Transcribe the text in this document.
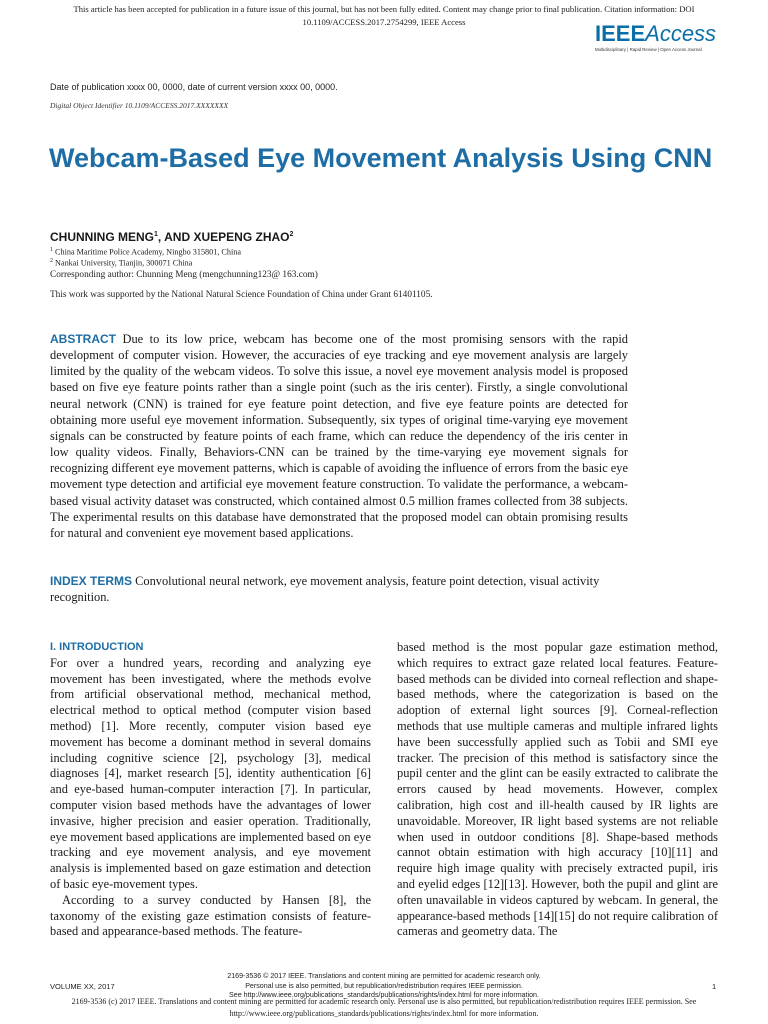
This article has been accepted for publication in a future issue of this journal, but has not been fully edited. Content may change prior to final publication. Citation information: DOI
10.1109/ACCESS.2017.2754299, IEEE Access	IEEEAccess
Multidisciplinary | Rapid Review | Open Access Journal
Date of publication xxxx 00, 0000, date of current version xxxx 00, 0000.
Digital Object Identifier 10.1109/ACCESS.2017.XXXXXXX
Webcam-Based Eye Movement Analysis Using CNN
CHUNNING MENG$^1$, AND XUEPENG ZHAO$^2$
$^1$ China Maritime Police Academy, Ningbo 315801, China
$^2$ Nankai University, Tianjin, 300071 China
Corresponding author: Chunning Meng (mengchunning123@ 163.com)
This work was supported by the National Natural Science Foundation of China under Grant 61401105.
ABSTRACT Due to its low price, webcam has become one of the most promising sensors with the rapid development of computer vision. However, the accuracies of eye tracking and eye movement analysis are largely limited by the quality of the webcam videos. To solve this issue, a novel eye movement analysis model is proposed based on five eye feature points rather than a single point (such as the iris center). Firstly, a single convolutional neural network (CNN) is trained for eye feature point detection, and five eye feature points are detected for obtaining more useful eye movement information. Subsequently, six types of original time-varying eye movement signals can be constructed by feature points of each frame, which can reduce the dependency of the iris center in low quality videos. Finally, Behaviors-CNN can be trained by the time-varying eye movement signals for recognizing different eye movement patterns, which is capable of avoiding the influence of errors from the basic eye movement type detection and artificial eye movement feature construction. To validate the performance, a webcam-based visual activity dataset was constructed, which contained almost 0.5 million frames collected from 38 subjects. The experimental results on this database have demonstrated that the proposed model can obtain promising results for natural and convenient eye movement based applications.
INDEX TERMS Convolutional neural network, eye movement analysis, feature point detection, visual activity recognition.
I. INTRODUCTION

For over a hundred years, recording and analyzing eye movement has been investigated, where the methods evolve from artificial observational method, mechanical method, electrical method to optical method (computer vision based method) [1]. More recently, computer vision based eye movement has become a dominant method in several domains including cognitive science [2], psychology [3], medical diagnoses [4], market research [5], identity authentication [6] and eye-based human-computer interaction [7]. In particular, computer vision based methods have the advantages of lower invasive, higher precision and easier operation. Traditionally, eye movement based applications are implemented based on eye tracking and eye movement analysis, and eye movement analysis is implemented based on gaze estimation and detection of basic eye-movement types.

According to a survey conducted by Hansen [8], the taxonomy of the existing gaze estimation consists of feature-based and appearance-based methods. The feature-

based method is the most popular gaze estimation method, which requires to extract gaze related local features. Feature-based methods can be divided into corneal reflection and shape-based methods, where the categorization is based on the adoption of external light sources [9]. Corneal-reflection methods that use multiple cameras and multiple infrared lights have been successfully applied such as Tobii and SMI eye tracker. The precision of this method is satisfactory since the pupil center and the glint can be easily extracted to calibrate the errors caused by head movements. However, complex calibration, high cost and ill-health caused by IR lights are unavoidable. Moreover, IR light based systems are not reliable when used in outdoor conditions [8]. Shape-based methods cannot obtain estimation with high accuracy [10][11] and require high image quality with precisely extracted pupil, iris and eyelid edges [12][13]. However, both the pupil and glint are often unavailable in videos captured by webcam. In general, the appearance-based methods [14][15] do not require calibration of cameras and geometry data. The

VOLUME XX, 2017
2169-3536 © 2017 IEEE. Translations and content mining are permitted for academic research only.
Personal use is also permitted, but republication/redistribution requires IEEE permission.
See http://www.ieee.org/publications_standards/publications/rights/index.html for more information.
1
2169-3536 (c) 2017 IEEE. Translations and content mining are permitted for academic research only. Personal use is also permitted, but republication/redistribution requires IEEE permission. See
http://www.ieee.org/publications_standards/publications/rights/index.html for more information.
